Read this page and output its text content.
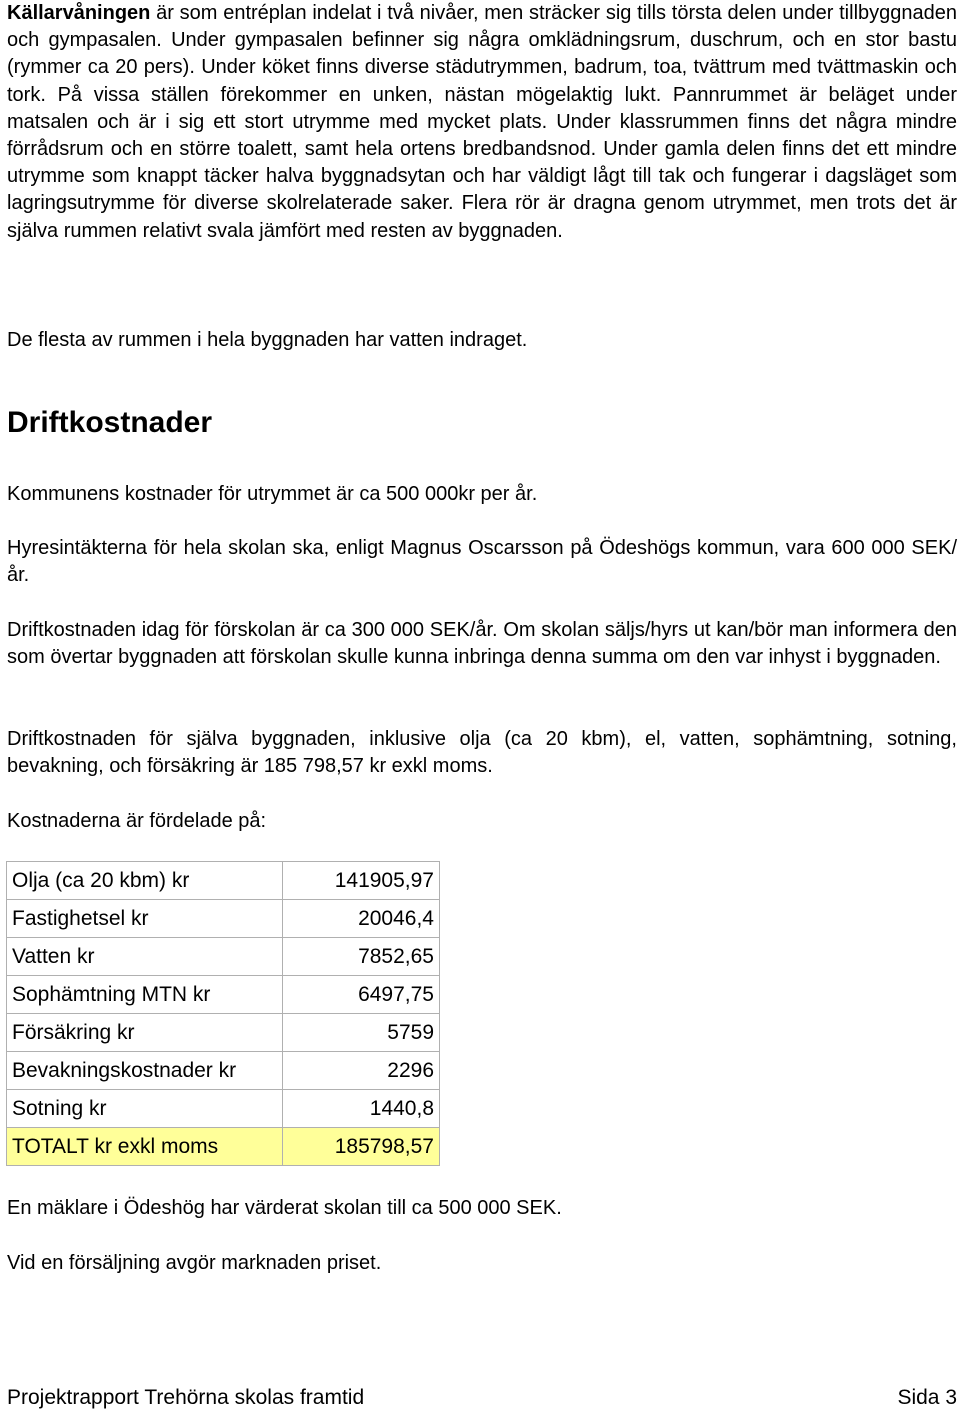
Källarvåningen är som entréplan indelat i två nivåer, men sträcker sig tills törsta delen under tillbyggnaden och gympasalen. Under gympasalen befinner sig några omklädningsrum, duschrum, och en stor bastu (rymmer ca 20 pers). Under köket finns diverse städutrymmen, badrum, toa, tvättrum med tvättmaskin och tork. På vissa ställen förekommer en unken, nästan mögelaktig lukt. Pannrummet är beläget under matsalen och är i sig ett stort utrymme med mycket plats. Under klassrummen finns det några mindre förrådsrum och en större toalett, samt hela ortens bredbandsnod. Under gamla delen finns det ett mindre utrymme som knappt täcker halva byggnadsytan och har väldigt lågt till tak och fungerar i dagsläget som lagringsutrymme för diverse skolrelaterade saker. Flera rör är dragna genom utrymmet, men trots det är själva rummen relativt svala jämfört med resten av byggnaden.

De flesta av rummen i hela byggnaden har vatten indraget.

Driftkostnader

Kommunens kostnader för utrymmet är ca 500 000kr per år.

Hyresintäkterna för hela skolan ska, enligt Magnus Oscarsson på Ödeshögs kommun, vara 600 000 SEK/år.

Driftkostnaden idag för förskolan är ca 300 000 SEK/år. Om skolan säljs/hyrs ut kan/bör man informera den som övertar byggnaden att förskolan skulle kunna inbringa denna summa om den var inhyst i byggnaden.

Driftkostnaden för själva byggnaden, inklusive olja (ca 20 kbm), el, vatten, sophämtning, sotning, bevakning, och försäkring är 185 798,57 kr exkl moms.

Kostnaderna är fördelade på:

Olja (ca 20 kbm) kr	141905,97
Fastighetsel kr	20046,4
Vatten kr	7852,65
Sophämtning MTN kr	6497,75
Försäkring kr	5759
Bevakningskostnader kr	2296
Sotning kr	1440,8
TOTALT kr exkl moms	185798,57

En mäklare i Ödeshög har värderat skolan till ca 500 000 SEK.

Vid en försäljning avgör marknaden priset.

Projektrapport Trehörna skolas framtid	Sida 3
